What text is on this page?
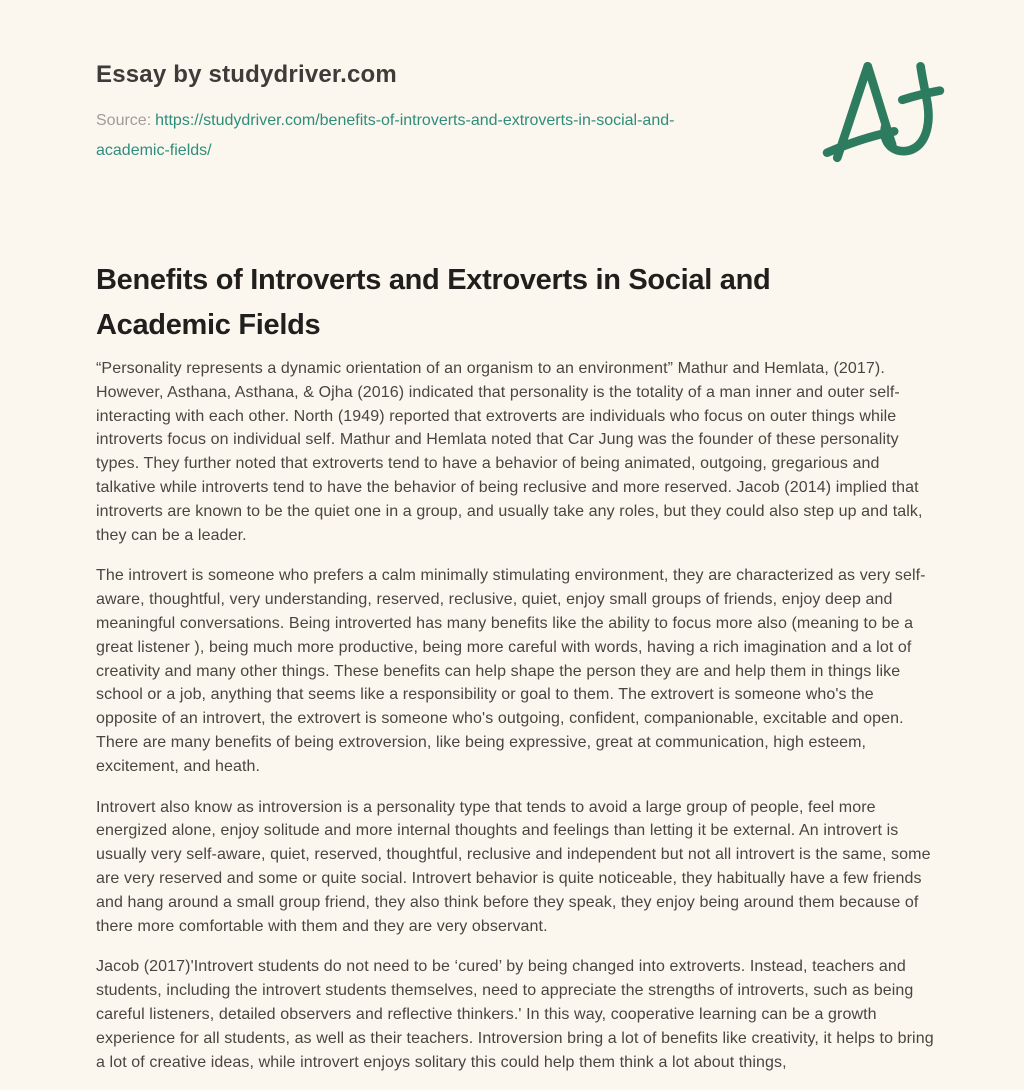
Essay by studydriver.com

Source: https://studydriver.com/benefits-of-introverts-and-extroverts-in-social-and-academic-fields/

Benefits of Introverts and Extroverts in Social and Academic Fields

“Personality represents a dynamic orientation of an organism to an environment” Mathur and Hemlata, (2017). However, Asthana, Asthana, & Ojha (2016) indicated that personality is the totality of a man inner and outer self-interacting with each other. North (1949) reported that extroverts are individuals who focus on outer things while introverts focus on individual self. Mathur and Hemlata noted that Car Jung was the founder of these personality types. They further noted that extroverts tend to have a behavior of being animated, outgoing, gregarious and talkative while introverts tend to have the behavior of being reclusive and more reserved. Jacob (2014) implied that introverts are known to be the quiet one in a group, and usually take any roles, but they could also step up and talk, they can be a leader.

The introvert is someone who prefers a calm minimally stimulating environment, they are characterized as very self-aware, thoughtful, very understanding, reserved, reclusive, quiet, enjoy small groups of friends, enjoy deep and meaningful conversations. Being introverted has many benefits like the ability to focus more also (meaning to be a great listener ), being much more productive, being more careful with words, having a rich imagination and a lot of creativity and many other things. These benefits can help shape the person they are and help them in things like school or a job, anything that seems like a responsibility or goal to them. The extrovert is someone who's the opposite of an introvert, the extrovert is someone who's outgoing, confident, companionable, excitable and open. There are many benefits of being extroversion, like being expressive, great at communication, high esteem, excitement, and heath.

Introvert also know as introversion is a personality type that tends to avoid a large group of people, feel more energized alone, enjoy solitude and more internal thoughts and feelings than letting it be external. An introvert is usually very self-aware, quiet, reserved, thoughtful, reclusive and independent but not all introvert is the same, some are very reserved and some or quite social. Introvert behavior is quite noticeable, they habitually have a few friends and hang around a small group friend, they also think before they speak, they enjoy being around them because of there more comfortable with them and they are very observant.

Jacob (2017)'Introvert students do not need to be ‘cured’ by being changed into extroverts. Instead, teachers and students, including the introvert students themselves, need to appreciate the strengths of introverts, such as being careful listeners, detailed observers and reflective thinkers.' In this way, cooperative learning can be a growth experience for all students, as well as their teachers. Introversion bring a lot of benefits like creativity, it helps to bring a lot of creative ideas, while introvert enjoys solitary this could help them think a lot about things,
